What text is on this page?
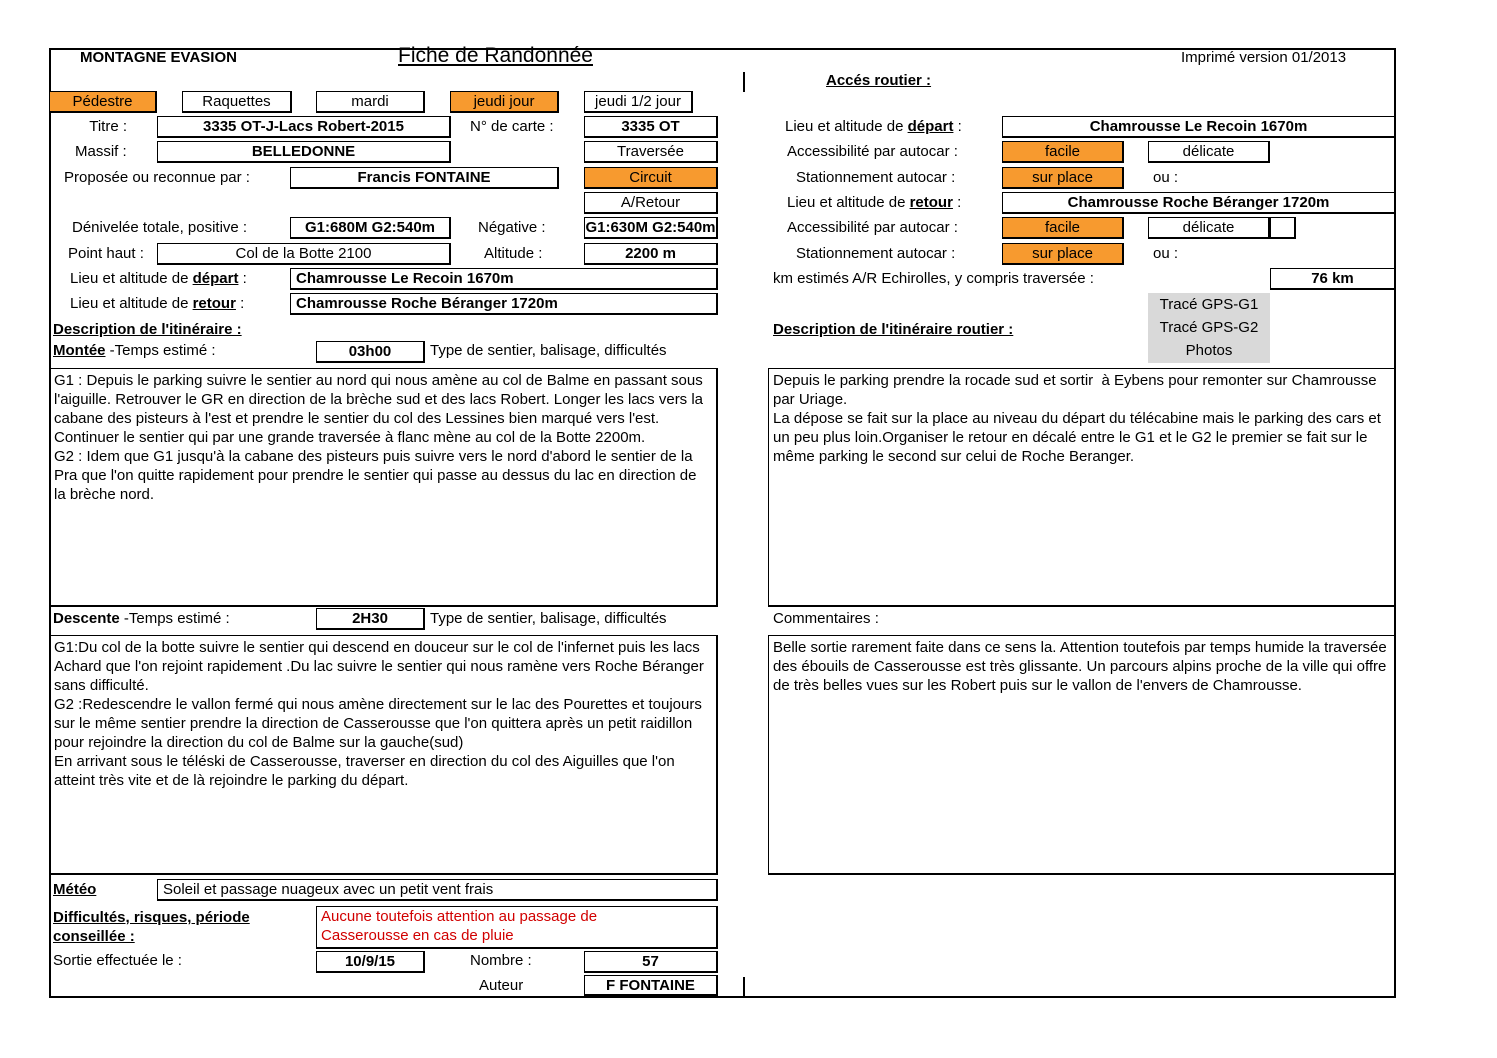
MONTAGNE EVASION	Fiche de Randonnée	Imprimé version 01/2013
Accés routier :
Pédestre	Raquettes	mardi	jeudi jour	jeudi 1/2 jour
Titre :	3335 OT-J-Lacs Robert-2015	N° de carte :	3335 OT
Massif :	BELLEDONNE	Traversée
Proposée ou reconnue par :	Francis FONTAINE	Circuit
A/Retour
Dénivelée totale, positive :	G1:680M G2:540m	Négative :	G1:630M G2:540m
Point haut :	Col de la Botte 2100	Altitude :	2200 m
Lieu et altitude de départ :	Chamrousse Le Recoin 1670m
Lieu et altitude de retour :	Chamrousse Roche Béranger 1720m
Description de l'itinéraire :
Montée -Temps estimé :	03h00	Type de sentier, balisage, difficultés
G1 : Depuis le parking suivre le sentier au nord qui nous amène au col de Balme en passant sous l'aiguille. Retrouver le GR en direction de la brèche sud et des lacs Robert. Longer les lacs vers la cabane des pisteurs à l'est et prendre le sentier du col des Lessines bien marqué vers l'est. Continuer le sentier qui par une grande traversée à flanc mène au col de la Botte 2200m.
G2 : Idem que G1 jusqu'à la cabane des pisteurs puis suivre vers le nord d'abord le sentier de la Pra que l'on quitte rapidement pour prendre le sentier qui passe au dessus du lac en direction de la brèche nord.
Descente -Temps estimé :	2H30	Type de sentier, balisage, difficultés
G1:Du col de la botte suivre le sentier qui descend en douceur sur le col de l'infernet puis les lacs Achard que l'on rejoint rapidement .Du lac suivre le sentier qui nous ramène vers Roche Béranger sans difficulté.
G2 :Redescendre le vallon fermé qui nous amène directement sur le lac des Pourettes et toujours sur le même sentier prendre la direction de Casserousse que l'on quittera après un petit raidillon pour rejoindre la direction du col de Balme sur la gauche(sud)
En arrivant sous le téléski de Casserousse, traverser en direction du col des Aiguilles que l'on atteint très vite et de là rejoindre le parking du départ.
Météo	Soleil et passage nuageux avec un petit vent frais
Difficultés, risques, période
conseillée :
Aucune toutefois attention au passage de
Casserousse en cas de pluie
Sortie effectuée le :	10/9/15	Nombre :	57
Auteur	F FONTAINE
Lieu et altitude de départ :	Chamrousse Le Recoin 1670m
Accessibilité par autocar :	facile	délicate
Stationnement autocar :	sur place	ou :
Lieu et altitude de retour :	Chamrousse Roche Béranger 1720m
Accessibilité par autocar :	facile	délicate
Stationnement autocar :	sur place	ou :
km estimés A/R Echirolles, y compris traversée :	76 km
Tracé GPS-G1
Tracé GPS-G2
Photos
Description de l'itinéraire routier :
Depuis le parking prendre la rocade sud et sortir  à Eybens pour remonter sur Chamrousse par Uriage.
La dépose se fait sur la place au niveau du départ du télécabine mais le parking des cars et un peu plus loin.Organiser le retour en décalé entre le G1 et le G2 le premier se fait sur le même parking le second sur celui de Roche Beranger.
Commentaires :
Belle sortie rarement faite dans ce sens la. Attention toutefois par temps humide la traversée des ébouils de Casserousse est très glissante. Un parcours alpins proche de la ville qui offre de très belles vues sur les Robert puis sur le vallon de l'envers de Chamrousse.
